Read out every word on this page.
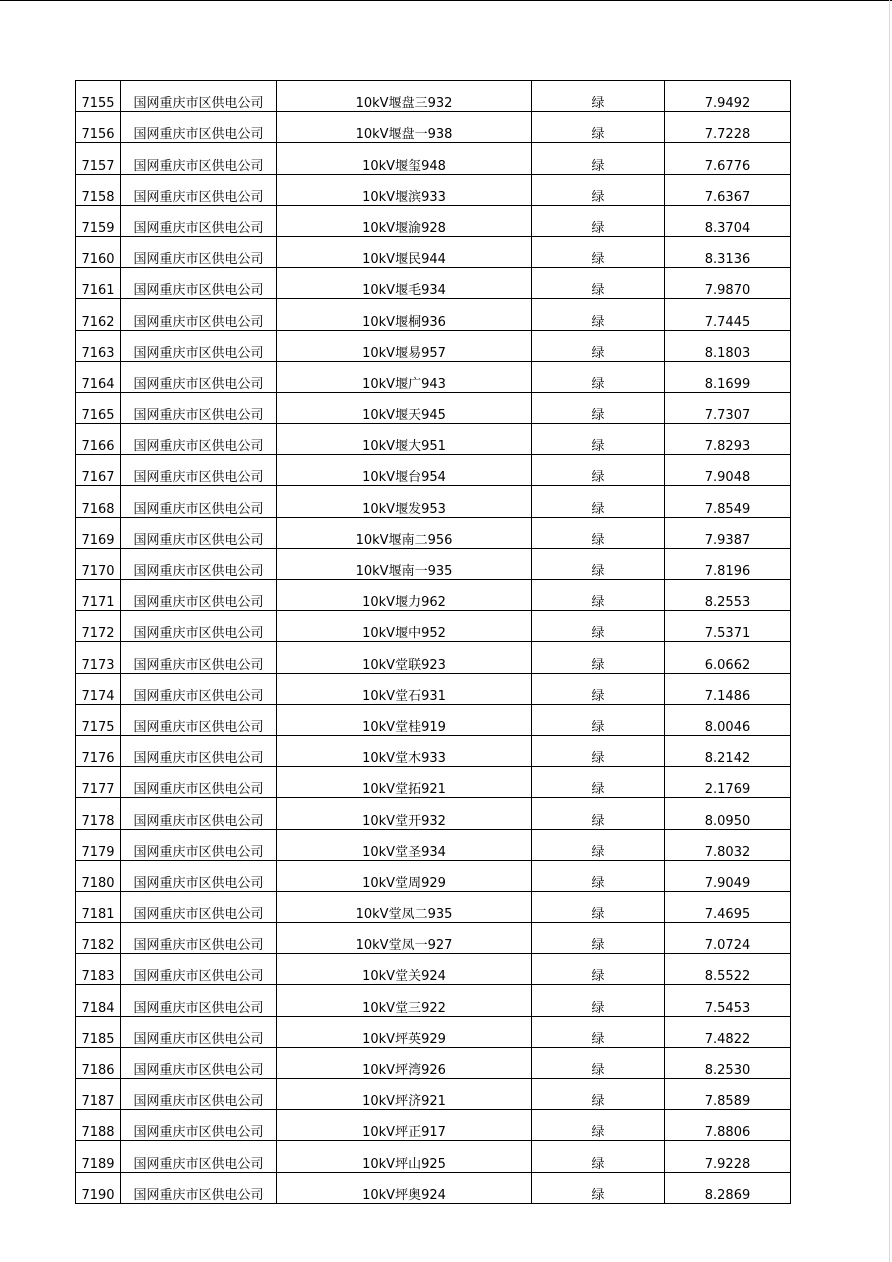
7155	国网重庆市区供电公司	10kV堰盘三932	绿	7.9492
7156	国网重庆市区供电公司	10kV堰盘一938	绿	7.7228
7157	国网重庆市区供电公司	10kV堰玺948	绿	7.6776
7158	国网重庆市区供电公司	10kV堰滨933	绿	7.6367
7159	国网重庆市区供电公司	10kV堰渝928	绿	8.3704
7160	国网重庆市区供电公司	10kV堰民944	绿	8.3136
7161	国网重庆市区供电公司	10kV堰毛934	绿	7.9870
7162	国网重庆市区供电公司	10kV堰桐936	绿	7.7445
7163	国网重庆市区供电公司	10kV堰易957	绿	8.1803
7164	国网重庆市区供电公司	10kV堰广943	绿	8.1699
7165	国网重庆市区供电公司	10kV堰天945	绿	7.7307
7166	国网重庆市区供电公司	10kV堰大951	绿	7.8293
7167	国网重庆市区供电公司	10kV堰台954	绿	7.9048
7168	国网重庆市区供电公司	10kV堰发953	绿	7.8549
7169	国网重庆市区供电公司	10kV堰南二956	绿	7.9387
7170	国网重庆市区供电公司	10kV堰南一935	绿	7.8196
7171	国网重庆市区供电公司	10kV堰力962	绿	8.2553
7172	国网重庆市区供电公司	10kV堰中952	绿	7.5371
7173	国网重庆市区供电公司	10kV堂联923	绿	6.0662
7174	国网重庆市区供电公司	10kV堂石931	绿	7.1486
7175	国网重庆市区供电公司	10kV堂桂919	绿	8.0046
7176	国网重庆市区供电公司	10kV堂木933	绿	8.2142
7177	国网重庆市区供电公司	10kV堂拓921	绿	2.1769
7178	国网重庆市区供电公司	10kV堂开932	绿	8.0950
7179	国网重庆市区供电公司	10kV堂圣934	绿	7.8032
7180	国网重庆市区供电公司	10kV堂周929	绿	7.9049
7181	国网重庆市区供电公司	10kV堂凤二935	绿	7.4695
7182	国网重庆市区供电公司	10kV堂凤一927	绿	7.0724
7183	国网重庆市区供电公司	10kV堂关924	绿	8.5522
7184	国网重庆市区供电公司	10kV堂三922	绿	7.5453
7185	国网重庆市区供电公司	10kV坪英929	绿	7.4822
7186	国网重庆市区供电公司	10kV坪湾926	绿	8.2530
7187	国网重庆市区供电公司	10kV坪济921	绿	7.8589
7188	国网重庆市区供电公司	10kV坪正917	绿	7.8806
7189	国网重庆市区供电公司	10kV坪山925	绿	7.9228
7190	国网重庆市区供电公司	10kV坪奥924	绿	8.2869
